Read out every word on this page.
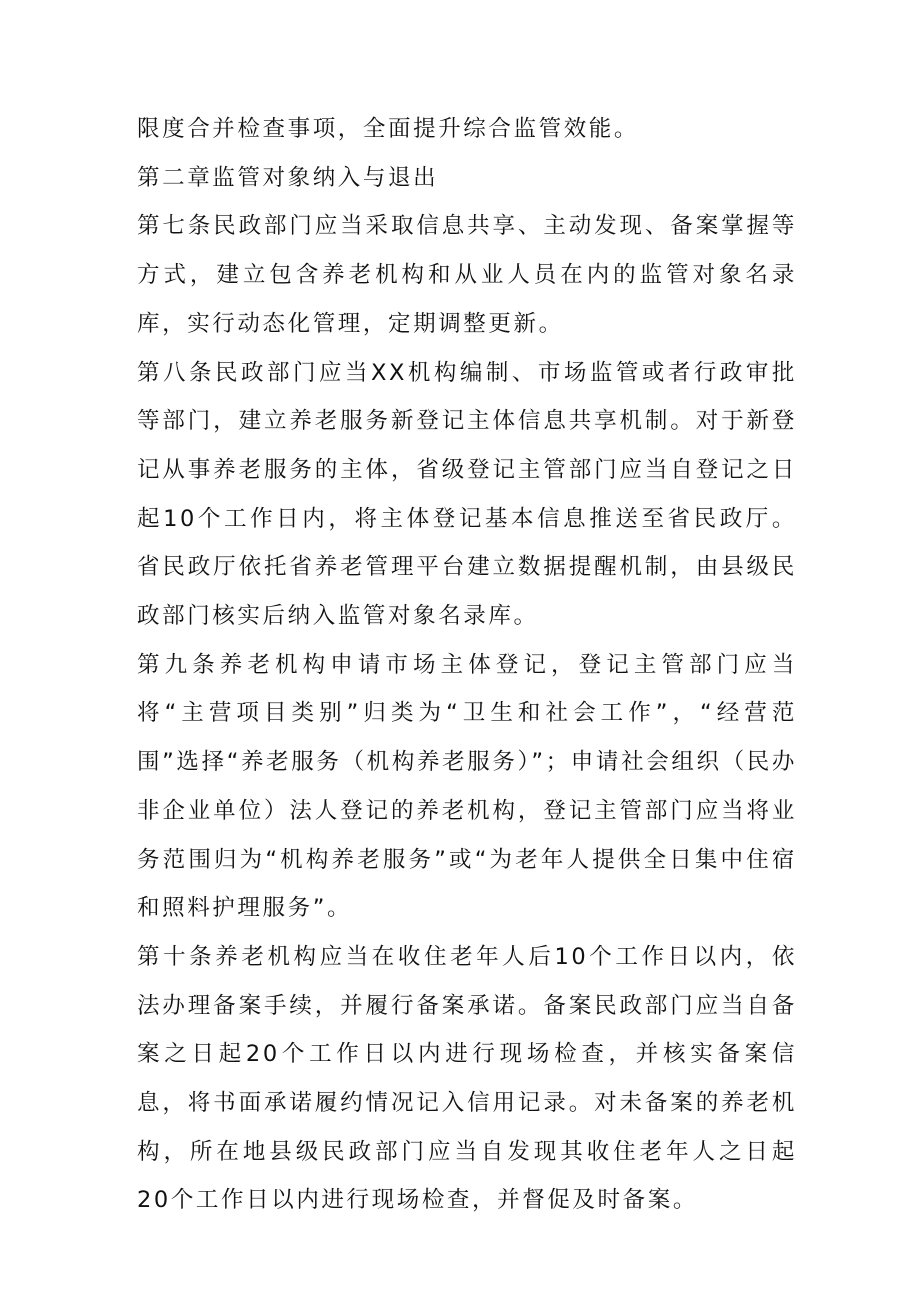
限度合并检查事项，全面提升综合监管效能。

第二章监管对象纳入与退出

第七条民政部门应当采取信息共享、主动发现、备案掌握等方式，建立包含养老机构和从业人员在内的监管对象名录库，实行动态化管理，定期调整更新。

第八条民政部门应当XX机构编制、市场监管或者行政审批等部门，建立养老服务新登记主体信息共享机制。对于新登记从事养老服务的主体，省级登记主管部门应当自登记之日起10个工作日内，将主体登记基本信息推送至省民政厅。省民政厅依托省养老管理平台建立数据提醒机制，由县级民政部门核实后纳入监管对象名录库。

第九条养老机构申请市场主体登记，登记主管部门应当将“主营项目类别”归类为“卫生和社会工作”，“经营范围”选择“养老服务（机构养老服务）”；申请社会组织（民办非企业单位）法人登记的养老机构，登记主管部门应当将业务范围归为“机构养老服务”或“为老年人提供全日集中住宿和照料护理服务”。

第十条养老机构应当在收住老年人后10个工作日以内，依法办理备案手续，并履行备案承诺。备案民政部门应当自备案之日起20个工作日以内进行现场检查，并核实备案信息，将书面承诺履约情况记入信用记录。对未备案的养老机构，所在地县级民政部门应当自发现其收住老年人之日起20个工作日以内进行现场检查，并督促及时备案。
